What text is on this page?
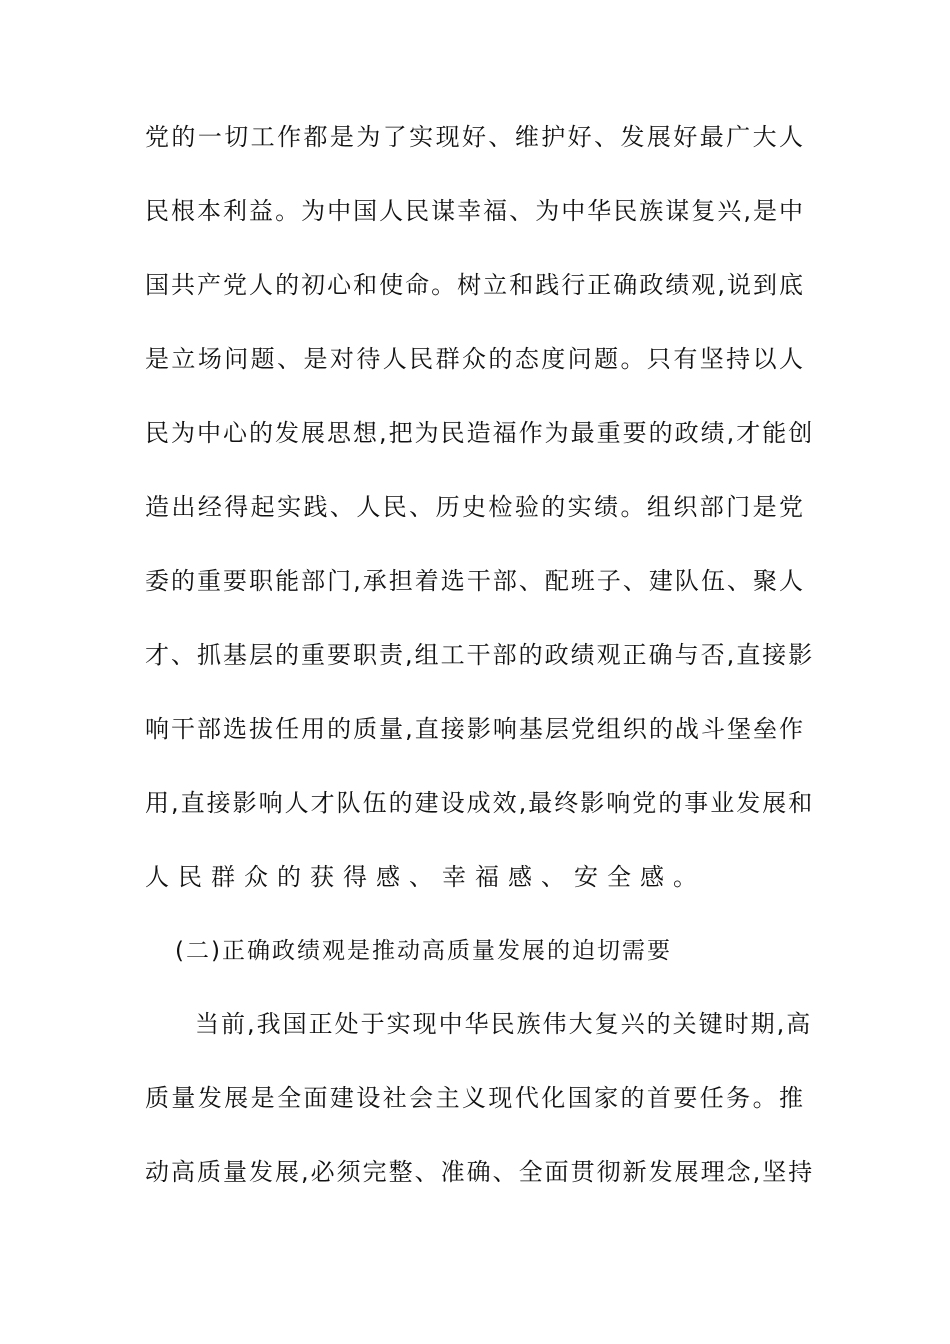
党的一切工作都是为了实现好、维护好、发展好最广大人
民根本利益。为中国人民谋幸福、为中华民族谋复兴,是中
国共产党人的初心和使命。树立和践行正确政绩观,说到底
是立场问题、是对待人民群众的态度问题。只有坚持以人
民为中心的发展思想,把为民造福作为最重要的政绩,才能创
造出经得起实践、人民、历史检验的实绩。组织部门是党
委的重要职能部门,承担着选干部、配班子、建队伍、聚人
才、抓基层的重要职责,组工干部的政绩观正确与否,直接影
响干部选拔任用的质量,直接影响基层党组织的战斗堡垒作
用,直接影响人才队伍的建设成效,最终影响党的事业发展和
人民群众的获得感、幸福感、安全感。
(二)正确政绩观是推动高质量发展的迫切需要
当前,我国正处于实现中华民族伟大复兴的关键时期,高
质量发展是全面建设社会主义现代化国家的首要任务。推
动高质量发展,必须完整、准确、全面贯彻新发展理念,坚持
